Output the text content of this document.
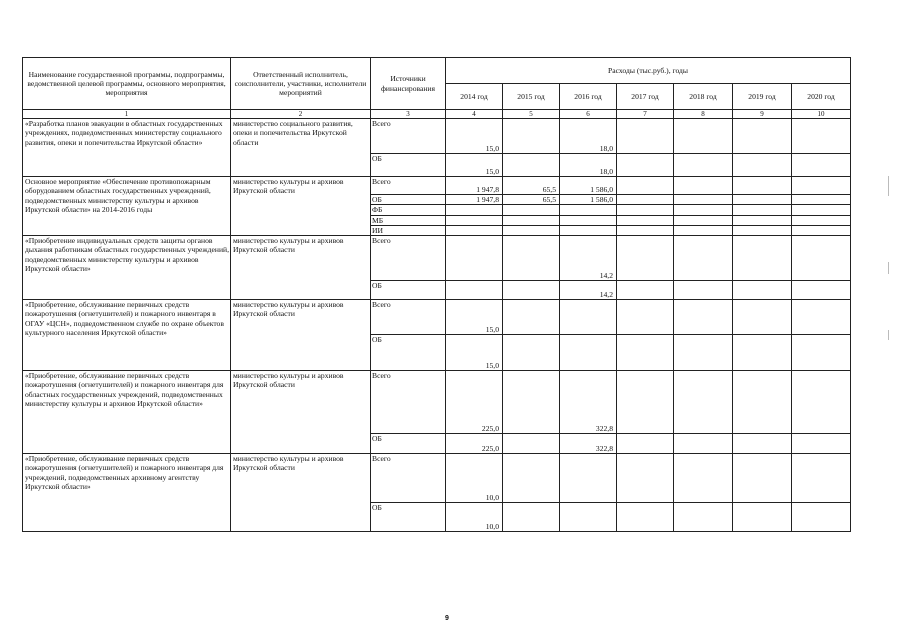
Наименование государственной программы, подпрограммы, ведомственной целевой программы, основного мероприятия, мероприятия	Ответственный исполнитель, соисполнители, участники, исполнители мероприятий	Источники финансирования	Расходы (тыс.руб.), годы						
			2014 год	2015 год	2016 год	2017 год	2018 год	2019 год	2020 год
1	2	3	4	5	6	7	8	9	10
«Разработка планов эвакуации в областных государственных учреждениях, подведомственных министерству социального развития, опеки и попечительства Иркутской области»	министерство социального развития, опеки и попечительства Иркутской области	Всего	15,0		18,0				
		ОБ	15,0		18,0				
Основное мероприятие «Обеспечение противопожарным оборудованием областных государственных учреждений, подведомственных министерству культуры и архивов Иркутской области» на 2014-2016 годы	министерство культуры и архивов Иркутской области	Всего	1 947,8	65,5	1 586,0				
		ОБ	1 947,8	65,5	1 586,0				
		ФБ							
		МБ							
		ИИ							
«Приобретение индивидуальных средств защиты органов дыхания работникам областных государственных учреждений, подведомственных министерству культуры и архивов Иркутской области»	министерство культуры и архивов Иркутской области	Всего			14,2				
		ОБ			14,2				
«Приобретение, обслуживание первичных средств пожаротушения (огнетушителей) и пожарного инвентаря в ОГАУ «ЦСН», подведомственном службе по охране объектов культурного населения Иркутской области»	министерство культуры и архивов Иркутской области	Всего	15,0						
		ОБ	15,0						
«Приобретение, обслуживание первичных средств пожаротушения (огнетушителей) и пожарного инвентаря для областных государственных учреждений, подведомственных министерству культуры и архивов Иркутской области»	министерство культуры и архивов Иркутской области	Всего	225,0		322,8				
		ОБ	225,0		322,8				
«Приобретение, обслуживание первичных средств пожаротушения (огнетушителей) и пожарного инвентаря для учреждений, подведомственных архивному агентству Иркутской области»	министерство культуры и архивов Иркутской области	Всего	10,0						
		ОБ	10,0						
9
